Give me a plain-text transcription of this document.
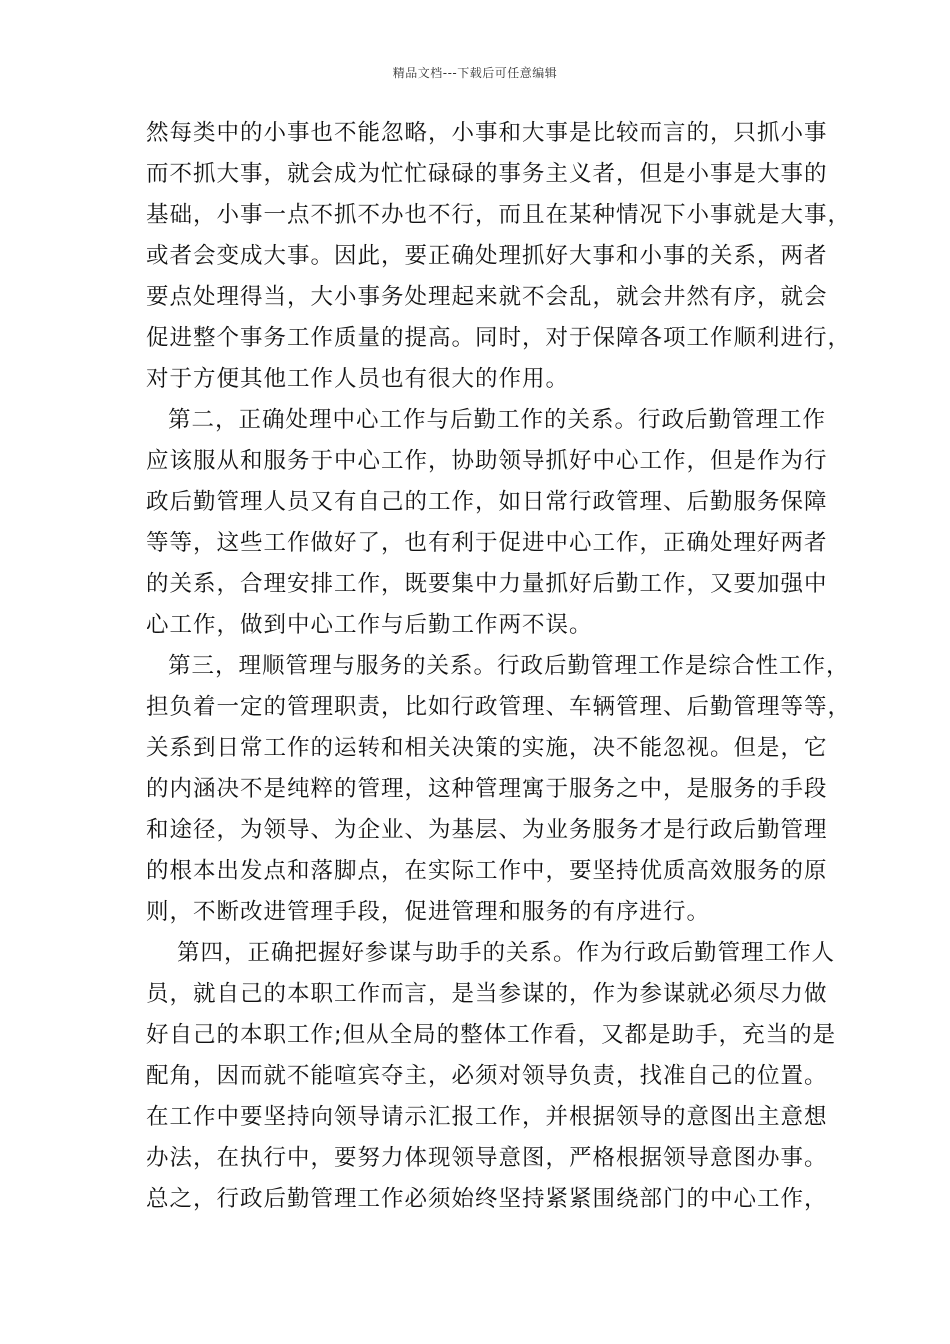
精品文档---下载后可任意编辑
然每类中的小事也不能忽略，小事和大事是比较而言的，只抓小事
而不抓大事，就会成为忙忙碌碌的事务主义者，但是小事是大事的
基础，小事一点不抓不办也不行，而且在某种情况下小事就是大事，
或者会变成大事。因此，要正确处理抓好大事和小事的关系，两者
要点处理得当，大小事务处理起来就不会乱，就会井然有序，就会
促进整个事务工作质量的提高。同时，对于保障各项工作顺利进行，
对于方便其他工作人员也有很大的作用。
第二，正确处理中心工作与后勤工作的关系。行政后勤管理工作
应该服从和服务于中心工作，协助领导抓好中心工作，但是作为行
政后勤管理人员又有自己的工作，如日常行政管理、后勤服务保障
等等，这些工作做好了，也有利于促进中心工作，正确处理好两者
的关系，合理安排工作，既要集中力量抓好后勤工作，又要加强中
心工作，做到中心工作与后勤工作两不误。
第三，理顺管理与服务的关系。行政后勤管理工作是综合性工作，
担负着一定的管理职责，比如行政管理、车辆管理、后勤管理等等，
关系到日常工作的运转和相关决策的实施，决不能忽视。但是，它
的内涵决不是纯粹的管理，这种管理寓于服务之中，是服务的手段
和途径，为领导、为企业、为基层、为业务服务才是行政后勤管理
的根本出发点和落脚点，在实际工作中，要坚持优质高效服务的原
则，不断改进管理手段，促进管理和服务的有序进行。
第四，正确把握好参谋与助手的关系。作为行政后勤管理工作人
员，就自己的本职工作而言，是当参谋的，作为参谋就必须尽力做
好自己的本职工作;但从全局的整体工作看，又都是助手，充当的是
配角，因而就不能喧宾夺主，必须对领导负责，找准自己的位置。
在工作中要坚持向领导请示汇报工作，并根据领导的意图出主意想
办法，在执行中，要努力体现领导意图，严格根据领导意图办事。
总之，行政后勤管理工作必须始终坚持紧紧围绕部门的中心工作，
